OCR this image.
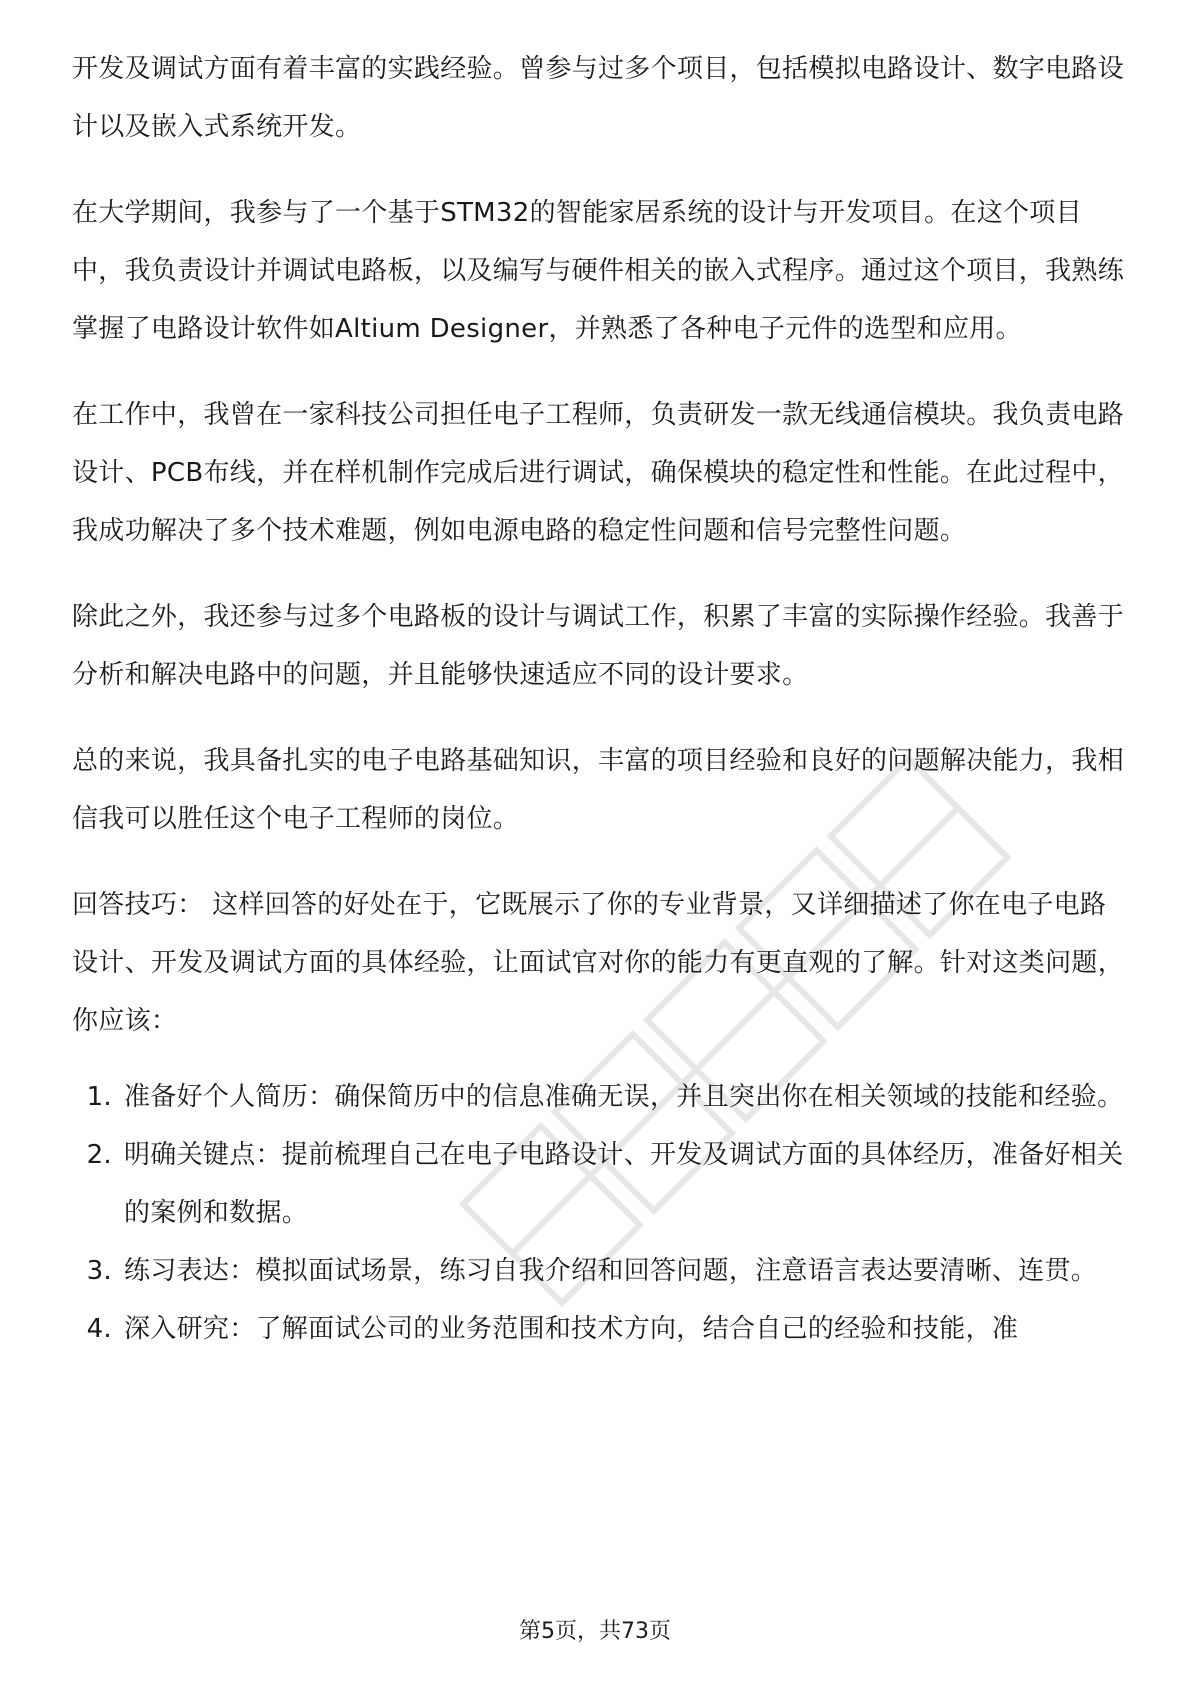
开发及调试方面有着丰富的实践经验。曾参与过多个项目，包括模拟电路设计、数字电路设计以及嵌入式系统开发。

在大学期间，我参与了一个基于STM32的智能家居系统的设计与开发项目。在这个项目中，我负责设计并调试电路板，以及编写与硬件相关的嵌入式程序。通过这个项目，我熟练掌握了电路设计软件如Altium Designer，并熟悉了各种电子元件的选型和应用。

在工作中，我曾在一家科技公司担任电子工程师，负责研发一款无线通信模块。我负责电路设计、PCB布线，并在样机制作完成后进行调试，确保模块的稳定性和性能。在此过程中，我成功解决了多个技术难题，例如电源电路的稳定性问题和信号完整性问题。

除此之外，我还参与过多个电路板的设计与调试工作，积累了丰富的实际操作经验。我善于分析和解决电路中的问题，并且能够快速适应不同的设计要求。

总的来说，我具备扎实的电子电路基础知识，丰富的项目经验和良好的问题解决能力，我相信我可以胜任这个电子工程师的岗位。

回答技巧： 这样回答的好处在于，它既展示了你的专业背景，又详细描述了你在电子电路设计、开发及调试方面的具体经验，让面试官对你的能力有更直观的了解。针对这类问题，你应该：

1. 准备好个人简历：确保简历中的信息准确无误，并且突出你在相关领域的技能和经验。
2. 明确关键点：提前梳理自己在电子电路设计、开发及调试方面的具体经历，准备好相关的案例和数据。
3. 练习表达：模拟面试场景，练习自我介绍和回答问题，注意语言表达要清晰、连贯。
4. 深入研究：了解面试公司的业务范围和技术方向，结合自己的经验和技能，准
第5页，共73页
